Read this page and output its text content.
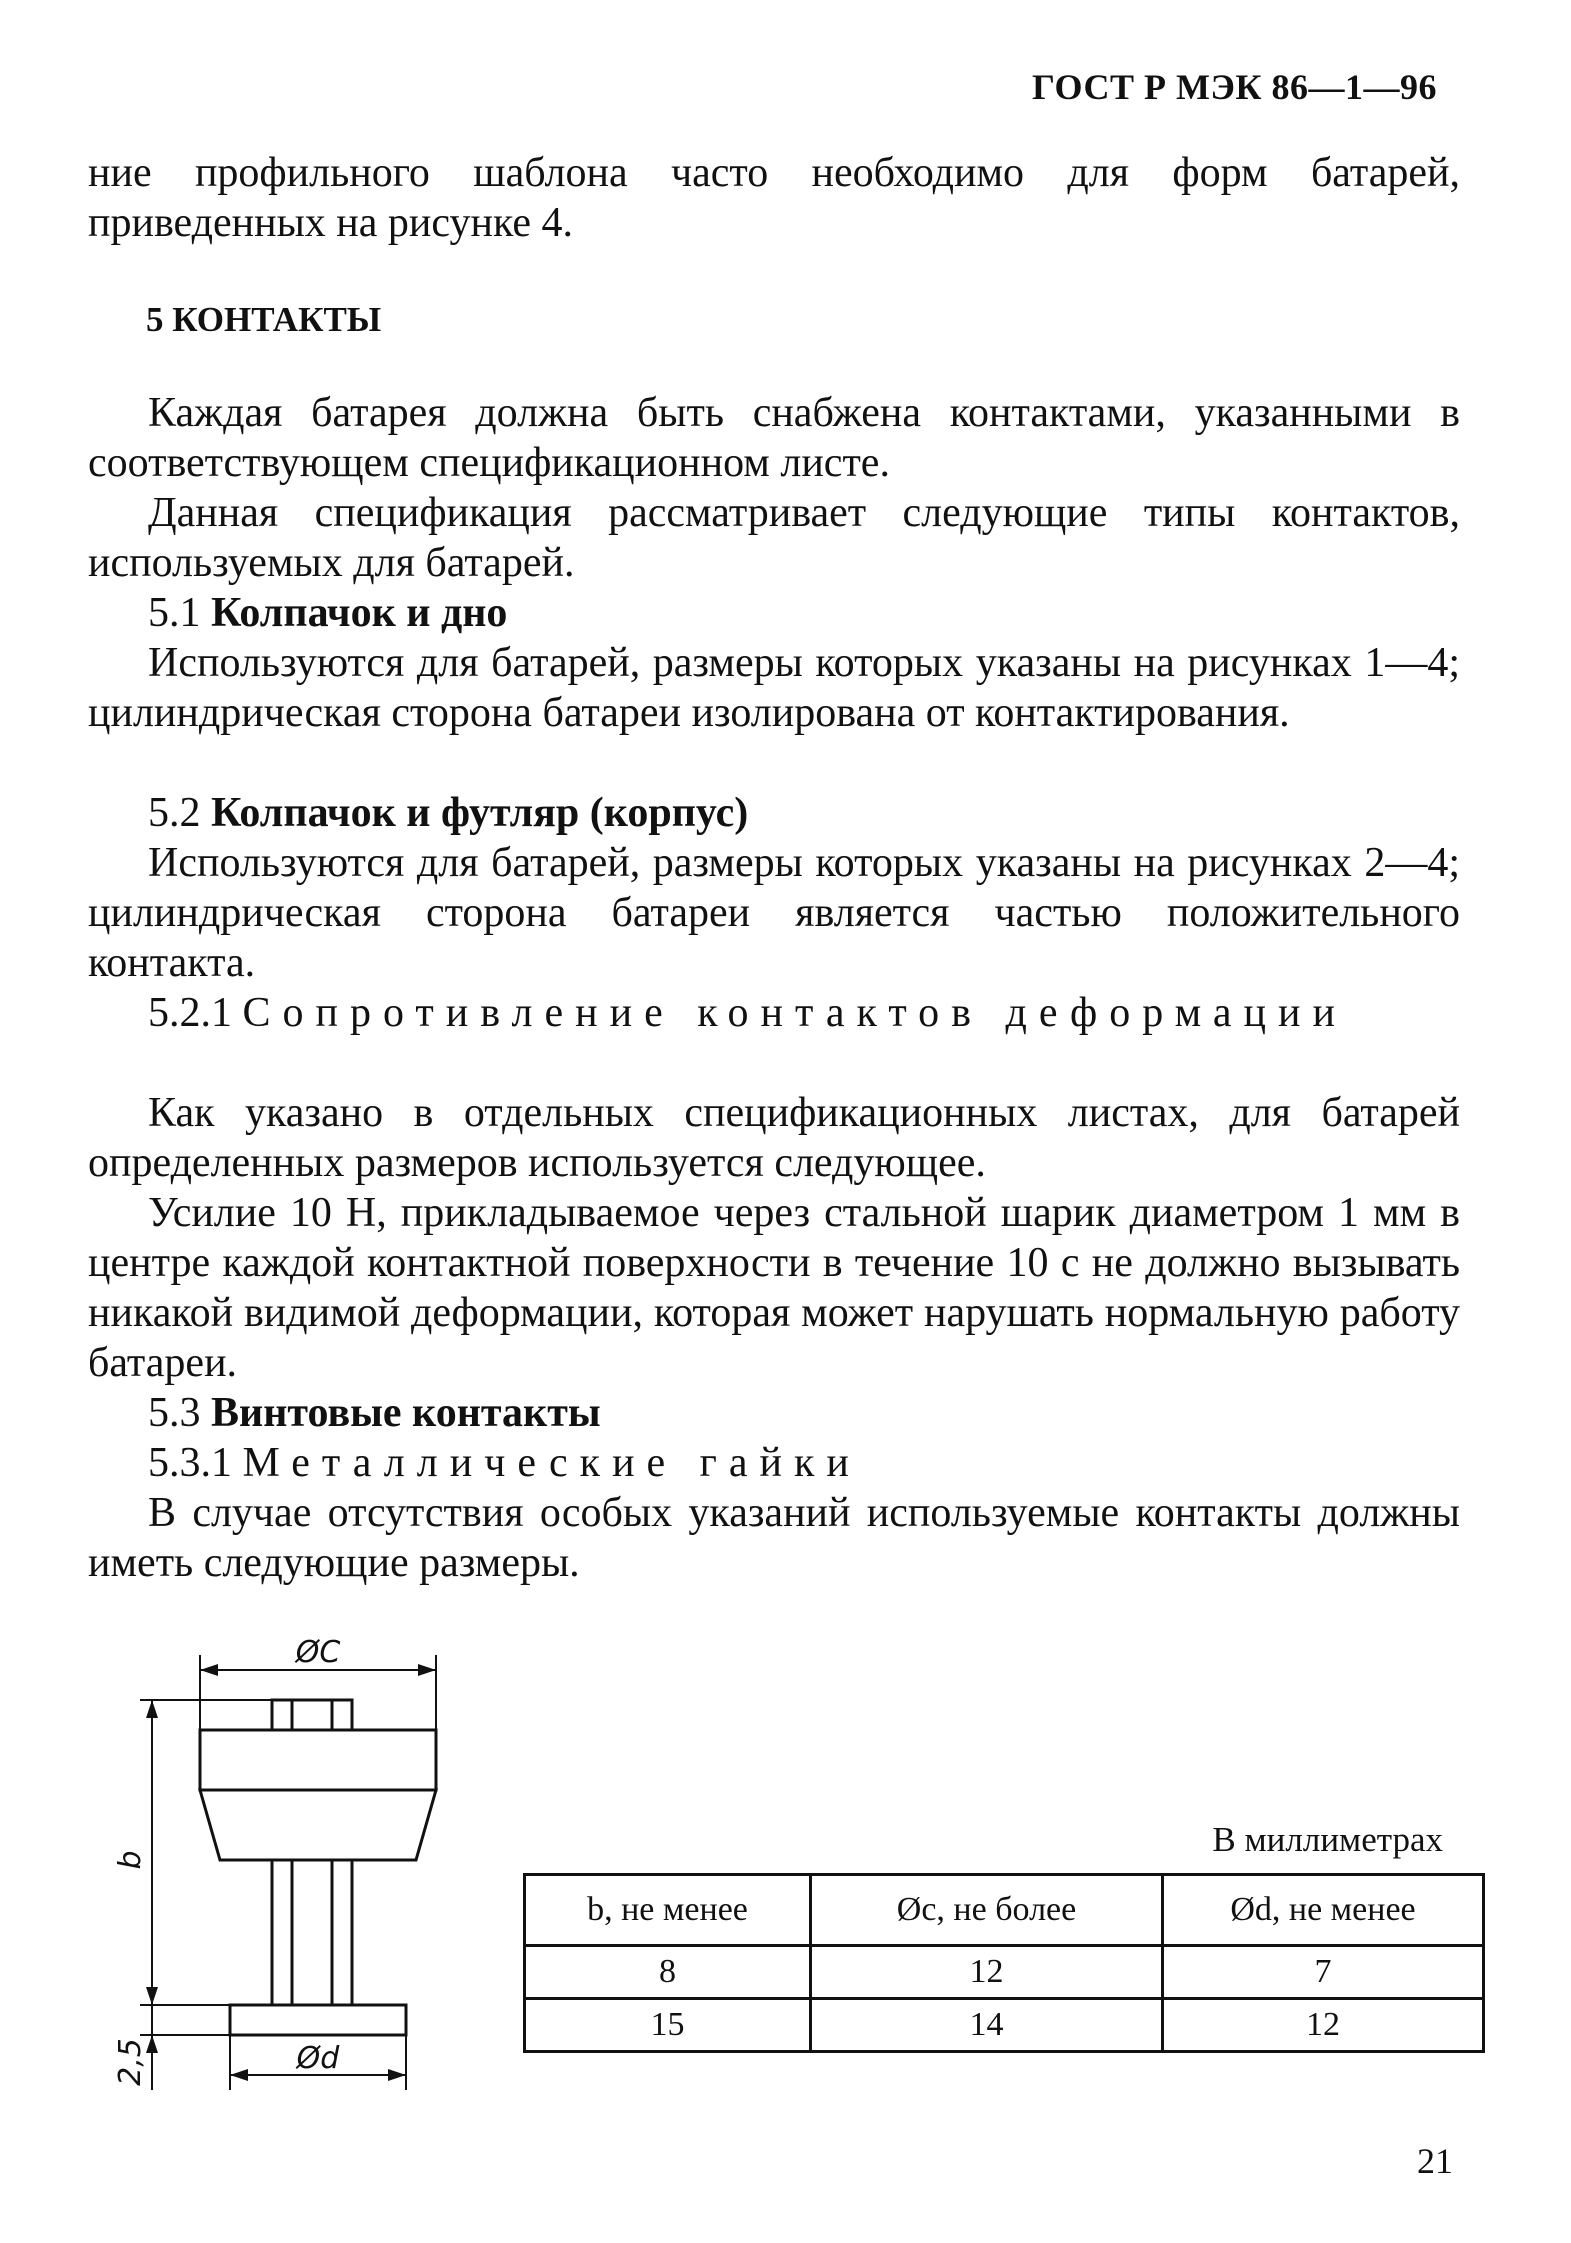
ГОСТ Р МЭК 86—1—96
ние профильного шаблона часто необходимо для форм батарей, приведенных на рисунке 4.
5 КОНТАКТЫ
Каждая батарея должна быть снабжена контактами, указанными в соответствующем спецификационном листе.
Данная спецификация рассматривает следующие типы контактов, используемых для батарей.
5.1 Колпачок и дно
Используются для батарей, размеры которых указаны на рисунках 1—4; цилиндрическая сторона батареи изолирована от контактирования.
5.2 Колпачок и футляр (корпус)
Используются для батарей, размеры которых указаны на рисунках 2—4; цилиндрическая сторона батареи является частью положительного контакта.
5.2.1 Сопротивление контактов деформации
Как указано в отдельных спецификационных листах, для батарей определенных размеров используется следующее.
Усилие 10 Н, прикладываемое через стальной шарик диаметром 1 мм в центре каждой контактной поверхности в течение 10 с не должно вызывать никакой видимой деформации, которая может нарушать нормальную работу батареи.
5.3 Винтовые контакты
5.3.1 Металлические гайки
В случае отсутствия особых указаний используемые контакты должны иметь следующие размеры.
ØC
b
Ød
2,5
В миллиметрах
b, не менее	Øc, не более	Ød, не менее
8	12	7
15	14	12
21
